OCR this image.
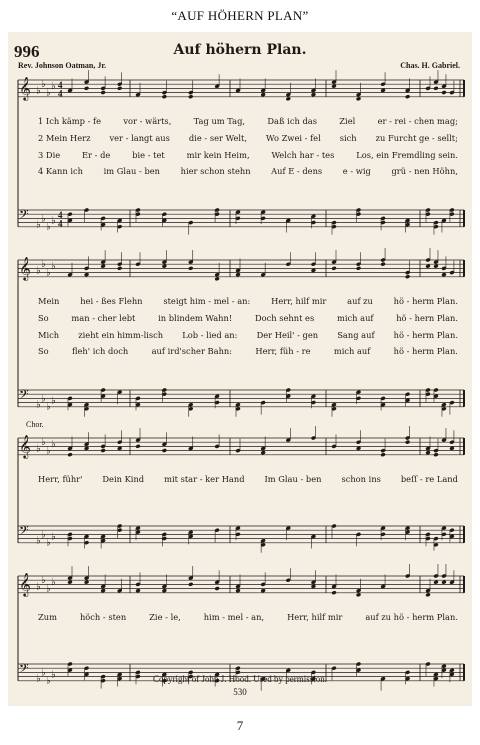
“AUF HÖHERN PLAN”
996	Auf höhern Plan.
Rev. Johnson Oatman, Jr.	Chas. H. Gabriel.
Chor.
𝄞 ♭
♭
♭
♭ 4
4
𝄢
♭
♭
♭
♭
4
4
𝄞 ♭
♭
♭
♭
𝄢
♭
♭
♭
♭
𝄞 ♭
♭
♭
♭
𝄢
♭
♭
♭
♭
𝄞 ♭
♭
♭
♭
𝄢
♭
♭
♭
♭
1 Ich kämp - fe	vor - wärts,	Tag um Tag,	Daß ich das	Ziel	er - rei - chen mag;
2 Mein Herz ver - langt aus die - ser Welt, Wo Zwei - fel sich zu Furcht ge - sellt;
3 Die	Er - de	bie - tet	mir kein Heim,	Welch har - tes	Los, ein Fremdling sein.
4 Kann ich im Glau - ben hier schon stehn Auf E - dens e - wig grü - nen Höhn,
Mein	hei - ßes Flehn	steigt him - mel - an:	Herr, hilf mir	auf zu	hö - herm Plan.
So	man - cher lebt	in blindem Wahn!	Doch sehnt es	mich auf	hö - hern Plan.
Mich zieht ein himm-lisch Lob - lied an: Der Heil' - gen Sang auf hö - herm Plan.
So	fleh' ich doch	auf ird'scher Bahn:	Herr, füh - re	mich auf	hö - herm Plan.
Herr, führ' Dein Kind mit star - ker Hand Im Glau - ben schon ins beſſ - re Land
Zum	höch - sten	Zie - le,	him - mel - an,	Herr, hilf mir	auf zu hö - herm Plan.
Copyright of John J. Hood. Used by permission.
530
7
